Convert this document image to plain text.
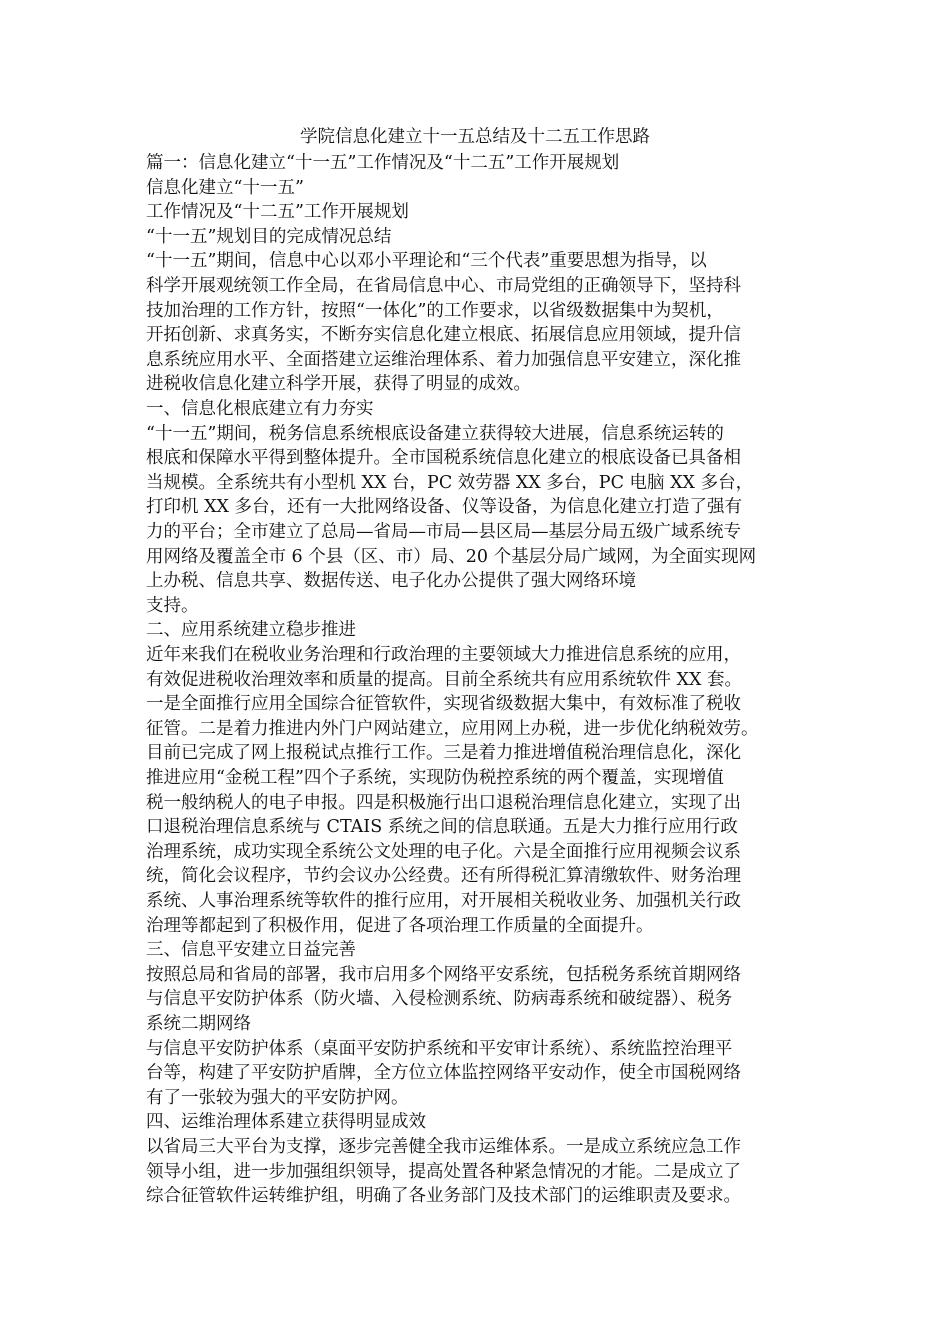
学院信息化建立十一五总结及十二五工作思路

篇一：信息化建立“十一五”工作情况及“十二五”工作开展规划

信息化建立“十一五”

工作情况及“十二五”工作开展规划

“十一五”规划目的完成情况总结

“十一五”期间，信息中心以邓小平理论和“三个代表”重要思想为指导，以

科学开展观统领工作全局，在省局信息中心、市局党组的正确领导下，坚持科

技加治理的工作方针，按照“一体化”的工作要求，以省级数据集中为契机，

开拓创新、求真务实，不断夯实信息化建立根底、拓展信息应用领域，提升信

息系统应用水平、全面搭建立运维治理体系、着力加强信息平安建立，深化推

进税收信息化建立科学开展，获得了明显的成效。

一、信息化根底建立有力夯实

“十一五”期间，税务信息系统根底设备建立获得较大进展，信息系统运转的

根底和保障水平得到整体提升。全市国税系统信息化建立的根底设备已具备相

当规模。全系统共有小型机 XX 台，PC 效劳器 XX 多台，PC 电脑 XX 多台，

打印机 XX 多台，还有一大批网络设备、仪等设备，为信息化建立打造了强有

力的平台；全市建立了总局—省局—市局—县区局—基层分局五级广域系统专

用网络及覆盖全市 6 个县（区、市）局、20 个基层分局广域网，为全面实现网

上办税、信息共享、数据传送、电子化办公提供了强大网络环境

支持。

二、应用系统建立稳步推进

近年来我们在税收业务治理和行政治理的主要领域大力推进信息系统的应用，

有效促进税收治理效率和质量的提高。目前全系统共有应用系统软件 XX 套。

一是全面推行应用全国综合征管软件，实现省级数据大集中，有效标准了税收

征管。二是着力推进内外门户网站建立，应用网上办税，进一步优化纳税效劳。

目前已完成了网上报税试点推行工作。三是着力推进增值税治理信息化，深化

推进应用“金税工程”四个子系统，实现防伪税控系统的两个覆盖，实现增值

税一般纳税人的电子申报。四是积极施行出口退税治理信息化建立，实现了出

口退税治理信息系统与 CTAIS 系统之间的信息联通。五是大力推行应用行政

治理系统，成功实现全系统公文处理的电子化。六是全面推行应用视频会议系

统，简化会议程序，节约会议办公经费。还有所得税汇算清缴软件、财务治理

系统、人事治理系统等软件的推行应用，对开展相关税收业务、加强机关行政

治理等都起到了积极作用，促进了各项治理工作质量的全面提升。

三、信息平安建立日益完善

按照总局和省局的部署，我市启用多个网络平安系统，包括税务系统首期网络

与信息平安防护体系（防火墙、入侵检测系统、防病毒系统和破绽器）、税务

系统二期网络

与信息平安防护体系（桌面平安防护系统和平安审计系统）、系统监控治理平

台等，构建了平安防护盾牌，全方位立体监控网络平安动作，使全市国税网络

有了一张较为强大的平安防护网。

四、运维治理体系建立获得明显成效

以省局三大平台为支撑，逐步完善健全我市运维体系。一是成立系统应急工作

领导小组，进一步加强组织领导，提高处置各种紧急情况的才能。二是成立了

综合征管软件运转维护组，明确了各业务部门及技术部门的运维职责及要求。
